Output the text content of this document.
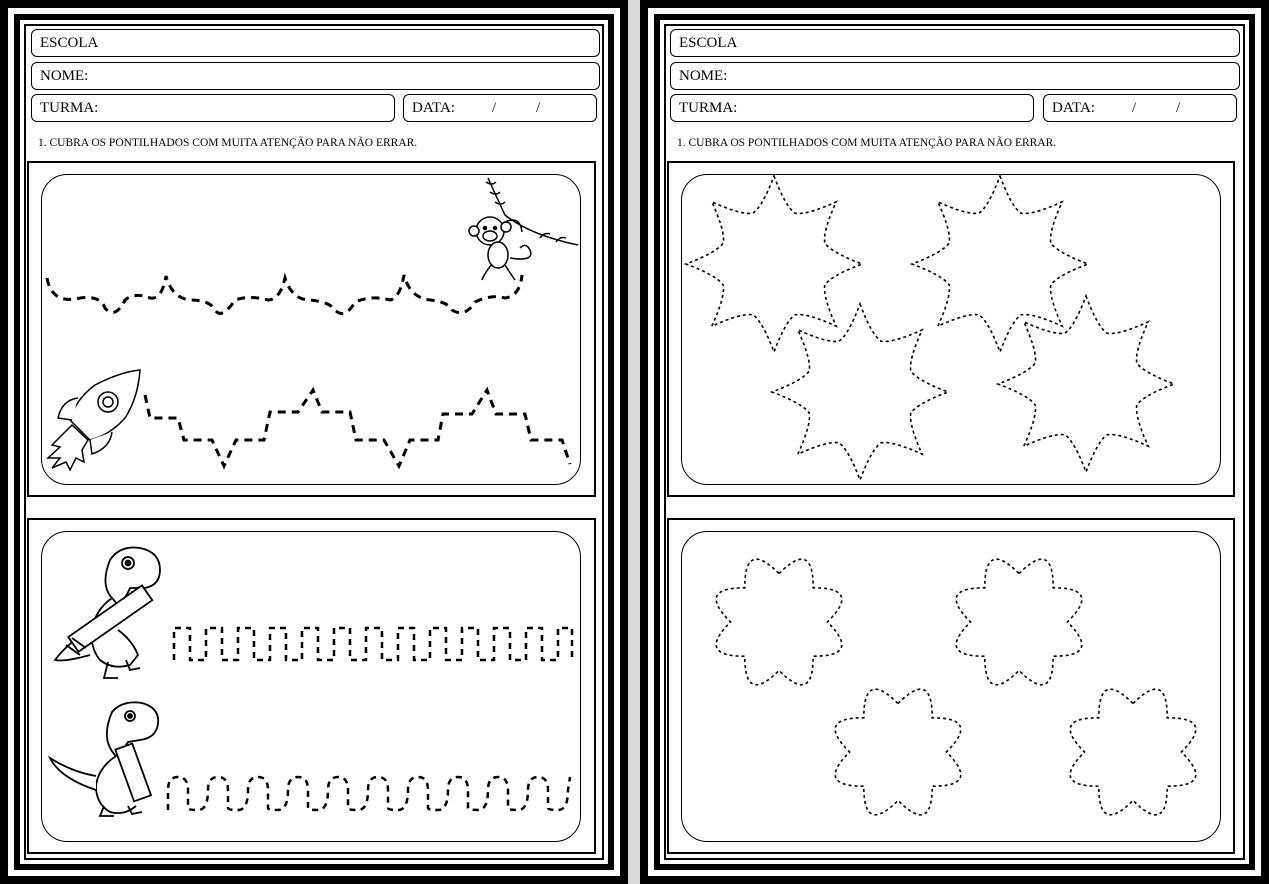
ESCOLA
NOME:
TURMA:	DATA: /	/
1. CUBRA OS PONTILHADOS COM MUITA ATENÇÃO PARA NÃO ERRAR.
ESCOLA
NOME:
TURMA:	DATA: /	/
1. CUBRA OS PONTILHADOS COM MUITA ATENÇÃO PARA NÃO ERRAR.
